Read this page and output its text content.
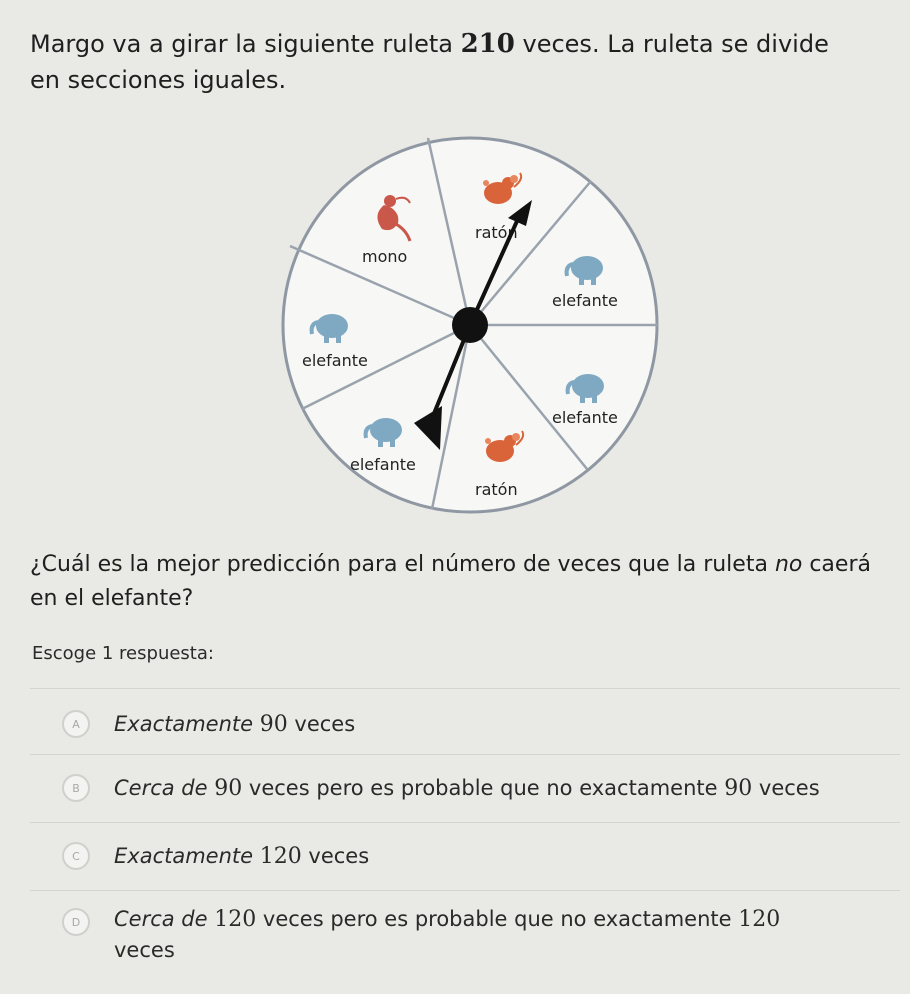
Margo va a girar la siguiente ruleta 210 veces. La ruleta se divide en secciones iguales.
ratón
elefante
elefante
ratón
elefante
elefante
mono
¿Cuál es la mejor predicción para el número de veces que la ruleta no caerá en el elefante?
Escoge 1 respuesta:
A	Exactamente 90 veces
B	Cerca de 90 veces pero es probable que no exactamente 90 veces
C	Exactamente 120 veces
D	Cerca de 120 veces pero es probable que no exactamente 120 veces
